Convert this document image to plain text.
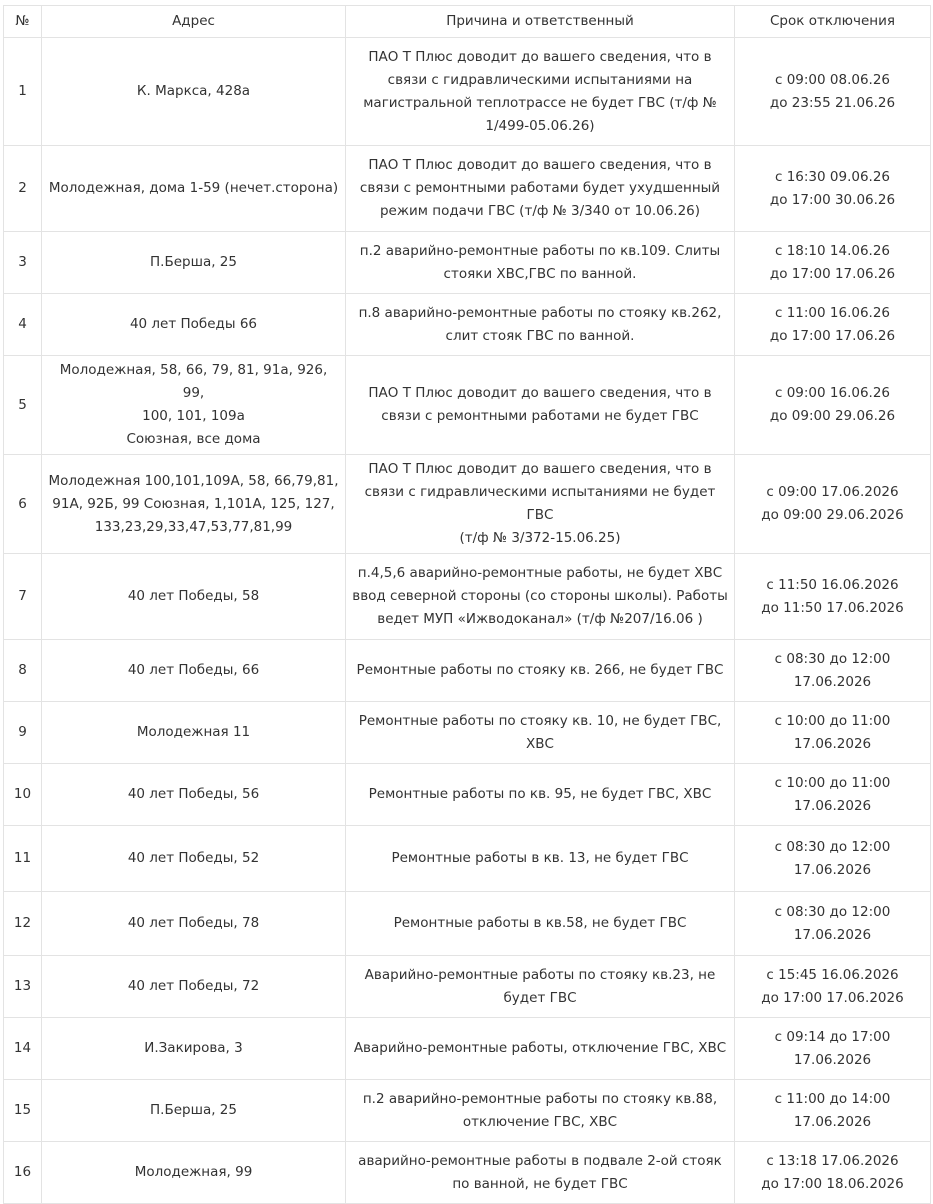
№	Адрес	Причина и ответственный	Срок отключения
1	К. Маркса, 428а	ПАО Т Плюс доводит до вашего сведения, что в
связи с гидравлическими испытаниями на
магистральной теплотрассе не будет ГВС (т/ф №
1/499-05.06.26)	с 09:00 08.06.26
до 23:55 21.06.26
2	Молодежная, дома 1-59 (нечет.сторона)	ПАО Т Плюс доводит до вашего сведения, что в
связи с ремонтными работами будет ухудшенный
режим подачи ГВС (т/ф № 3/340 от 10.06.26)	с 16:30 09.06.26
до 17:00 30.06.26
3	П.Берша, 25	п.2 аварийно-ремонтные работы по кв.109. Слиты
стояки ХВС,ГВС по ванной.	с 18:10 14.06.26
до 17:00 17.06.26
4	40 лет Победы 66	п.8 аварийно-ремонтные работы по стояку кв.262,
слит стояк ГВС по ванной.	с 11:00 16.06.26
до 17:00 17.06.26
5	Молодежная, 58, 66, 79, 81, 91а, 926, 99,
100, 101, 109а
Союзная, все дома	ПАО Т Плюс доводит до вашего сведения, что в
связи с ремонтными работами не будет ГВС	с 09:00 16.06.26
до 09:00 29.06.26
6	Молодежная 100,101,109А, 58, 66,79,81,
91А, 92Б, 99 Союзная, 1,101А, 125, 127,
133,23,29,33,47,53,77,81,99	ПАО Т Плюс доводит до вашего сведения, что в
связи с гидравлическими испытаниями не будет ГВС
(т/ф № 3/372-15.06.25)	с 09:00 17.06.2026
до 09:00 29.06.2026
7	40 лет Победы, 58	п.4,5,6 аварийно-ремонтные работы, не будет ХВС
ввод северной стороны (со стороны школы). Работы
ведет МУП «Ижводоканал» (т/ф №207/16.06 )	с 11:50 16.06.2026
до 11:50 17.06.2026
8	40 лет Победы, 66	Ремонтные работы по стояку кв. 266, не будет ГВС	с 08:30 до 12:00
17.06.2026
9	Молодежная 11	Ремонтные работы по стояку кв. 10, не будет ГВС,
ХВС	с 10:00 до 11:00
17.06.2026
10	40 лет Победы, 56	Ремонтные работы по кв. 95, не будет ГВС, ХВС	с 10:00 до 11:00
17.06.2026
11	40 лет Победы, 52	Ремонтные работы в кв. 13, не будет ГВС	с 08:30 до 12:00
17.06.2026
12	40 лет Победы, 78	Ремонтные работы в кв.58, не будет ГВС	с 08:30 до 12:00
17.06.2026
13	40 лет Победы, 72	Аварийно-ремонтные работы по стояку кв.23, не
будет ГВС	с 15:45 16.06.2026
до 17:00 17.06.2026
14	И.Закирова, 3	Аварийно-ремонтные работы, отключение ГВС, ХВС	с 09:14 до 17:00
17.06.2026
15	П.Берша, 25	п.2 аварийно-ремонтные работы по стояку кв.88,
отключение ГВС, ХВС	с 11:00 до 14:00
17.06.2026
16	Молодежная, 99	аварийно-ремонтные работы в подвале 2-ой стояк
по ванной, не будет ГВС	с 13:18 17.06.2026
до 17:00 18.06.2026
